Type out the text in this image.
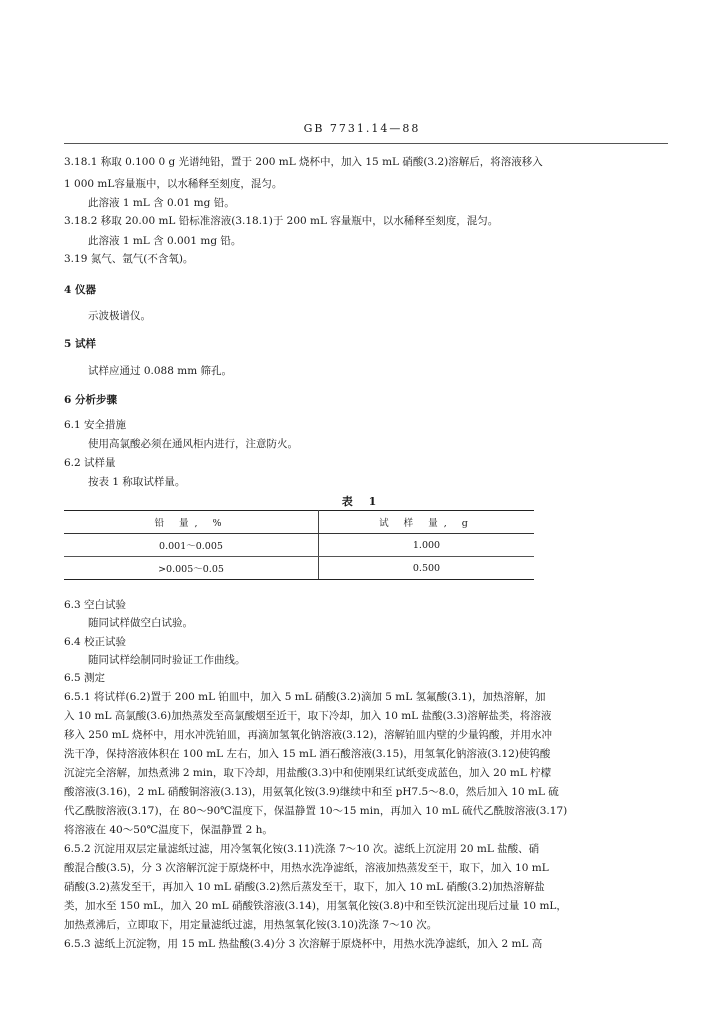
GB 7731.14—88
3.18.1 称取 0.100 0 g 光谱纯铅，置于 200 mL 烧杯中，加入 15 mL 硝酸(3.2)溶解后，将溶液移入
1 000 mL容量瓶中，以水稀释至刻度，混匀。
此溶液 1 mL 含 0.01 mg 铅。
3.18.2 移取 20.00 mL 铅标准溶液(3.18.1)于 200 mL 容量瓶中，以水稀释至刻度，混匀。
此溶液 1 mL 含 0.001 mg 铅。
3.19 氮气、氩气(不含氧)。
4 仪器
示波极谱仪。
5 试样
试样应通过 0.088 mm 筛孔。
6 分析步骤
6.1 安全措施
使用高氯酸必须在通风柜内进行，注意防火。
6.2 试样量
按表 1 称取试样量。
表 1
铅 量, %	试 样 量, g
0.001～0.005	1.000
>0.005～0.05	0.500
6.3 空白试验
随同试样做空白试验。
6.4 校正试验
随同试样绘制同时验证工作曲线。
6.5 测定
6.5.1 将试样(6.2)置于 200 mL 铂皿中，加入 5 mL 硝酸(3.2)滴加 5 mL 氢氟酸(3.1)，加热溶解，加
入 10 mL 高氯酸(3.6)加热蒸发至高氯酸烟至近干，取下冷却，加入 10 mL 盐酸(3.3)溶解盐类，将溶液
移入 250 mL 烧杯中，用水冲洗铂皿，再滴加氢氧化钠溶液(3.12)，溶解铂皿内壁的少量钨酸，并用水冲
洗干净，保持溶液体积在 100 mL 左右，加入 15 mL 酒石酸溶液(3.15)，用氢氧化钠溶液(3.12)使钨酸
沉淀完全溶解，加热煮沸 2 min，取下冷却，用盐酸(3.3)中和使刚果红试纸变成蓝色，加入 20 mL 柠檬
酸溶液(3.16)，2 mL 硝酸铜溶液(3.13)，用氨氧化铵(3.9)继续中和至 pH7.5～8.0，然后加入 10 mL 硫
代乙酰胺溶液(3.17)，在 80～90℃温度下，保温静置 10～15 min，再加入 10 mL 硫代乙酰胺溶液(3.17)
将溶液在 40～50℃温度下，保温静置 2 h。
6.5.2 沉淀用双层定量滤纸过滤，用冷氢氧化铵(3.11)洗涤 7～10 次。滤纸上沉淀用 20 mL 盐酸、硝
酸混合酸(3.5)，分 3 次溶解沉淀于原烧杯中，用热水洗净滤纸，溶液加热蒸发至干，取下，加入 10 mL
硝酸(3.2)蒸发至干，再加入 10 mL 硝酸(3.2)然后蒸发至干，取下，加入 10 mL 硝酸(3.2)加热溶解盐
类，加水至 150 mL，加入 20 mL 硝酸铁溶液(3.14)，用氢氧化铵(3.8)中和至铁沉淀出现后过量 10 mL，
加热煮沸后，立即取下，用定量滤纸过滤，用热氢氧化铵(3.10)洗涤 7～10 次。
6.5.3 滤纸上沉淀物，用 15 mL 热盐酸(3.4)分 3 次溶解于原烧杯中，用热水洗净滤纸，加入 2 mL 高
